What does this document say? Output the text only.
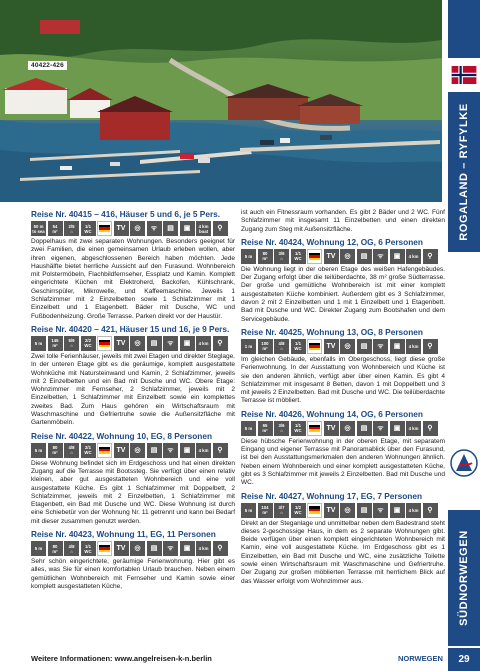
40422-426
ROGALAND – RYFYLKE
SÜDNORWEGEN
29
Reise Nr. 40415 – 416, Häuser 5 und 6, je 5 Pers.
50 m
to sea
54
m²
2/5
⌂
1/1
WC	TV ◎ ᯤ ▤ ▣ 4 km
boat ⚲

Doppelhaus mit zwei separaten Wohnungen. Besonders geeignet für zwei Familien, die einen gemeinsamen Urlaub erleben wollen, aber ihren eigenen, abgeschlossenen Bereich haben möchten. Jede Haushälfte bietet herrliche Aussicht auf den Furasund. Wohnbereich mit Polstermöbeln, Flachbildfernseher, Essplatz und Kamin. Komplett eingerichtete Küchen mit Elektroherd, Backofen, Kühlschrank, Geschirrspüler, Mikrowelle, und Kaffeemaschine. Jeweils 1 Schlafzimmer mit 2 Einzelbetten sowie 1 Schlafzimmer mit 1 Einzelbett und 1 Etagenbett. Bäder mit Dusche, WC und Fußbodenheizung. Große Terrasse. Parken direkt vor der Haustür.

Reise Nr. 40420 – 421, Häuser 15 und 16, je 9 Pers.
5 m 145
m²
5/9
⌂
2/2
WC	TV ◎ ▤ ᯤ ▣ 4 km ⚲

Zwei tolle Ferienhäuser, jeweils mit zwei Etagen und direkter Steglage. In der unteren Etage gibt es die geräumige, komplett ausgestattete Wohnküche mit Natursteinwand und Kamin, 2 Schlafzimmer, jeweils mit 2 Einzelbetten und ein Bad mit Dusche und WC. Obere Etage: Wohnzimmer mit Fernseher, 2 Schlafzimmer, jeweils mit 2 Einzelbetten, 1 Schlafzimmer mit Einzelbett sowie ein komplettes zweites Bad. Zum Haus gehören ein Wirtschaftsraum mit Waschmaschine und Gefriertruhe sowie die Außensitzfläche mit Gartenmöbeln.

Reise Nr. 40422, Wohnung 10, EG, 8 Personen
5 m 80
m²
4/8
⌂
2/1
WC	TV ◎ ▤ ᯤ ▣ 4 km ⚲

Diese Wohnung befindet sich im Erdgeschoss und hat einen direkten Zugang auf die Terrasse mit Bootssteg. Sie verfügt über einen relativ kleinen, aber gut ausgestatteten Wohnbereich und eine voll ausgestattete Küche. Es gibt 1 Schlafzimmer mit Doppelbett, 2 Schlafzimmer, jeweils mit 2 Einzelbetten, 1 Schlafzimmer mit Etagenbett, ein Bad mit Dusche und WC. Diese Wohnung ist durch eine Schiebetür von der Wohnung Nr. 11 getrennt und kann bei Bedarf mit dieser zusammen genutzt werden.

Reise Nr. 40423, Wohnung 11, EG, 11 Personen
5 m 80
m²
4/8
⌂
1/1
WC	TV ◎ ▤ ᯤ ▣ 4 km ⚲

Sehr schön eingerichtete, geräumige Ferienwohnung. Hier gibt es alles, was Sie für einen komfortablen Urlaub brauchen. Neben einem gemütlichen Wohnbereich mit Fernseher und Kamin sowie einer komplett ausgestatteten Küche,

ist auch ein Fitnessraum vorhanden. Es gibt 2 Bäder und 2 WC. Fünf Schlafzimmer mit insgesamt 11 Einzelbetten und einen direkten Zugang zum Steg mit Außensitzfläche.

Reise Nr. 40424, Wohnung 12, OG, 6 Personen
5 m 80
m²
3/6
⌂
1/1
WC	TV ◎ ▤ ᯤ ▣ 4 km ⚲

Die Wohnung liegt in der oberen Etage des weißen Hafengebäudes. Der Zugang erfolgt über die teilüberdachte, 38 m² große Südterrasse. Der große und gemütliche Wohnbereich ist mit einer komplett ausgestatteten Küche kombiniert. Außerdem gibt es 3 Schlafzimmer, davon 2 mit 2 Einzelbetten und 1 mit 1 Einzelbett und 1 Etagenbett. Bad mit Dusche und WC. Direkter Zugang zum Bootshafen und dem Servicegebäude.

Reise Nr. 40425, Wohnung 13, OG, 8 Personen
1 m 100
m²
4/8
⌂
1/1
WC	TV ◎ ▤ ᯤ ▣ 4 km ⚲

Im gleichen Gebäude, ebenfalls im Obergeschoss, liegt diese große Ferienwohnung. In der Ausstattung von Wohnbereich und Küche ist sie den anderen ähnlich, verfügt aber über einen Kamin. Es gibt 4 Schlafzimmer mit insgesamt 8 Betten, davon 1 mit Doppelbett und 3 mit jeweils 2 Einzelbetten. Bad mit Dusche und WC. Die teilüberdachte Terrasse ist möbliert.

Reise Nr. 40426, Wohnung 14, OG, 6 Personen
5 m 65
m²
3/6
⌂
1/1
WC	TV ◎ ▤ ᯤ ▣ 4 km ⚲

Diese hübsche Ferienwohnung in der oberen Etage, mit separatem Eingang und eigener Terrasse mit Panoramablick über den Furasund, ist bei den Ausstattungsmerkmalen den anderen Wohnungen ähnlich. Neben einem Wohnbereich und einer komplett ausgestatteten Küche, gibt es 3 Schlafzimmer mit jeweils 2 Einzelbetten. Bad mit Dusche und WC.

Reise Nr. 40427, Wohnung 17, EG, 7 Personen
5 m 104
m²
3/7
⌂
1/2
WC	TV ◎ ▤ ᯤ ▣ 4 km ⚲

Direkt an der Steganlage und unmittelbar neben dem Badestrand steht dieses 2-geschossige Haus, in dem es 2 separate Wohnungen gibt. Beide verfügen über einen komplett eingerichteten Wohnbereich mit Kamin, eine voll ausgestattete Küche. Im Erdgeschoss gibt es 1 Einzelbetten, ein Bad mit Dusche und WC, eine zusätzliche Toilette sowie einen Wirtschaftsraum mit Waschmaschine und Gefriertruhe. Der Zugang zur großen möblierten Terrasse mit herrlichem Blick auf das Wasser erfolgt vom Wohnzimmer aus.

Weitere Informationen: www.angelreisen-k-n.berlin	NORWEGEN
